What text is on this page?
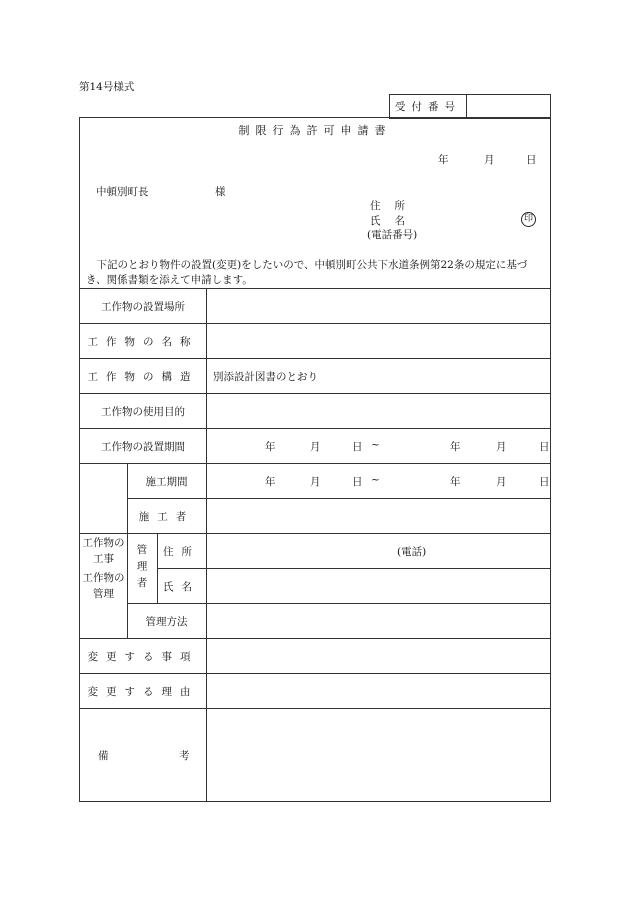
第14号様式
受付番号
制限行為許可申請書
年	月	日
中頓別町長	様
住所
氏名
(電話番号)
印
下記のとおり物件の設置(変更)をしたいので、中頓別町公共下水道条例第22条の規定に基づき、関係書類を添えて申請します。
工作物の設置場所
工作物の名称
工作物の構造	別添設計図書のとおり
工作物の使用目的
工作物の設置期間	年	月	日 ~	年	月	日
工作物の工事
施工期間	年	月	日 ~	年	月	日
施工者
工作物の管理
管理者	住所	(電話)
氏名
管理方法
変更する事項
変更する理由
備	考
